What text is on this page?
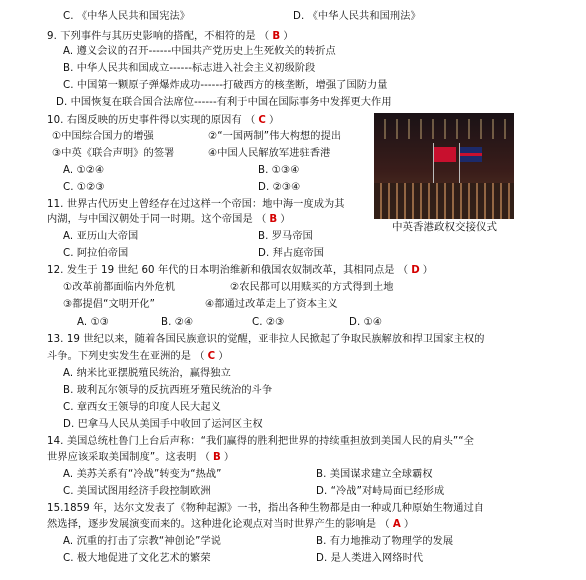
C. 《中华人民共和国宪法》	D. 《中华人民共和国刑法》
9. 下列事件与其历史影响的搭配，不相符的是 （ B ）
A. 遵义会议的召开------中国共产党历史上生死攸关的转折点
B. 中华人民共和国成立------标志进入社会主义初级阶段
C. 中国第一颗原子弹爆炸成功------打破西方的核垄断，增强了国防力量
D. 中国恢复在联合国合法席位------有利于中国在国际事务中发挥更大作用
10. 右图反映的历史事件得以实现的原因有 （ C ）
①中国综合国力的增强	②“一国两制”伟大构想的提出
③中英《联合声明》的签署	④中国人民解放军进驻香港
A. ①②④	B. ①③④
C. ①②③	D. ②③④
11. 世界古代历史上曾经存在过这样一个帝国：地中海一度成为其
内湖，与中国汉朝处于同一时期。这个帝国是 （ B ）
A. 亚历山大帝国	B. 罗马帝国
C. 阿拉伯帝国	D. 拜占庭帝国
12. 发生于 19 世纪 60 年代的日本明治维新和俄国农奴制改革，其相同点是 （ D ）
①改革前都面临内外危机	②农民都可以用赎买的方式得到土地
③都提倡“文明开化”	④都通过改革走上了资本主义
A. ①③	B. ②④	C. ②③	D. ①④
13. 19 世纪以来，随着各国民族意识的觉醒，亚非拉人民掀起了争取民族解放和捍卫国家主权的
斗争。下列史实发生在亚洲的是 （ C ）
A. 纳米比亚摆脱殖民统治，赢得独立
B. 玻利瓦尔领导的反抗西班牙殖民统治的斗争
C. 章西女王领导的印度人民大起义
D. 巴拿马人民从美国手中收回了运河区主权
14. 美国总统杜鲁门上台后声称：“我们赢得的胜利把世界的持续重担放到美国人民的肩头”“全
世界应该采取美国制度”。这表明 （ B ）
A. 美苏关系有“冷战”转变为“热战”	B. 美国谋求建立全球霸权
C. 美国试图用经济手段控制欧洲	D. “冷战”对峙局面已经形成
15.1859 年，达尔文发表了《物种起源》一书，指出各种生物都是由一种或几种原始生物通过自
然选择，逐步发展演变而来的。这种进化论观点对当时世界产生的影响是 （ A ）
A. 沉重的打击了宗教“神创论”学说	B. 有力地推动了物理学的发展
C. 极大地促进了文化艺术的繁荣	D. 是人类进入网络时代
中英香港政权交接仪式
